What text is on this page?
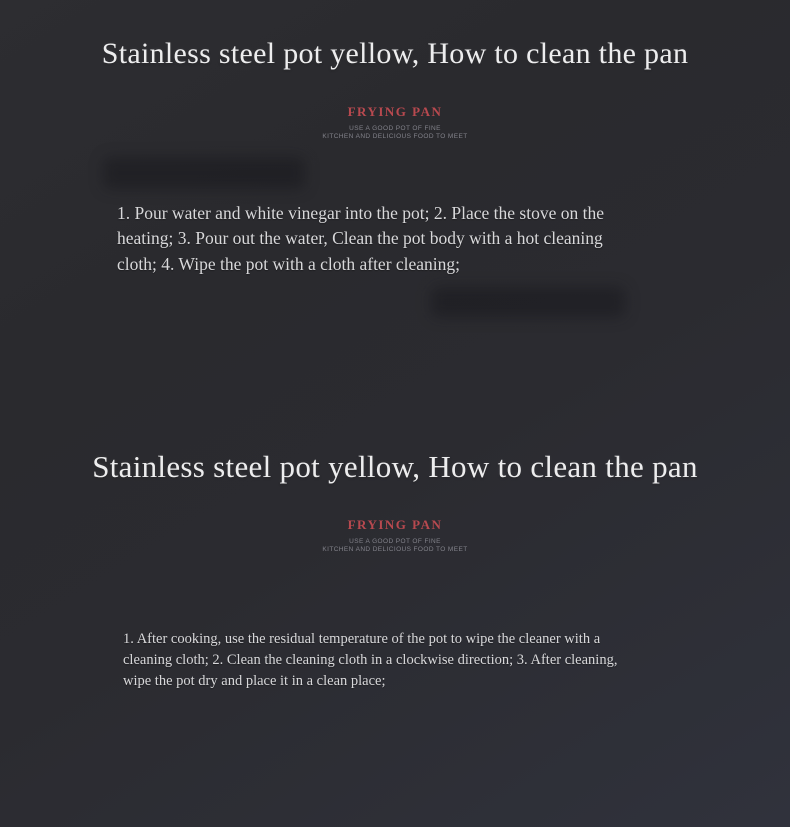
Stainless steel pot yellow, How to clean the pan
FRYING PAN
USE A GOOD POT OF FINE
KITCHEN AND DELICIOUS FOOD TO MEET
1. Pour water and white vinegar into the pot; 2. Place the stove on the
heating; 3. Pour out the water, Clean the pot body with a hot cleaning
cloth; 4. Wipe the pot with a cloth after cleaning;
Stainless steel pot yellow, How to clean the pan
FRYING PAN
USE A GOOD POT OF FINE
KITCHEN AND DELICIOUS FOOD TO MEET
1. After cooking, use the residual temperature of the pot to wipe the cleaner with a
cleaning cloth; 2. Clean the cleaning cloth in a clockwise direction; 3. After cleaning,
wipe the pot dry and place it in a clean place;
